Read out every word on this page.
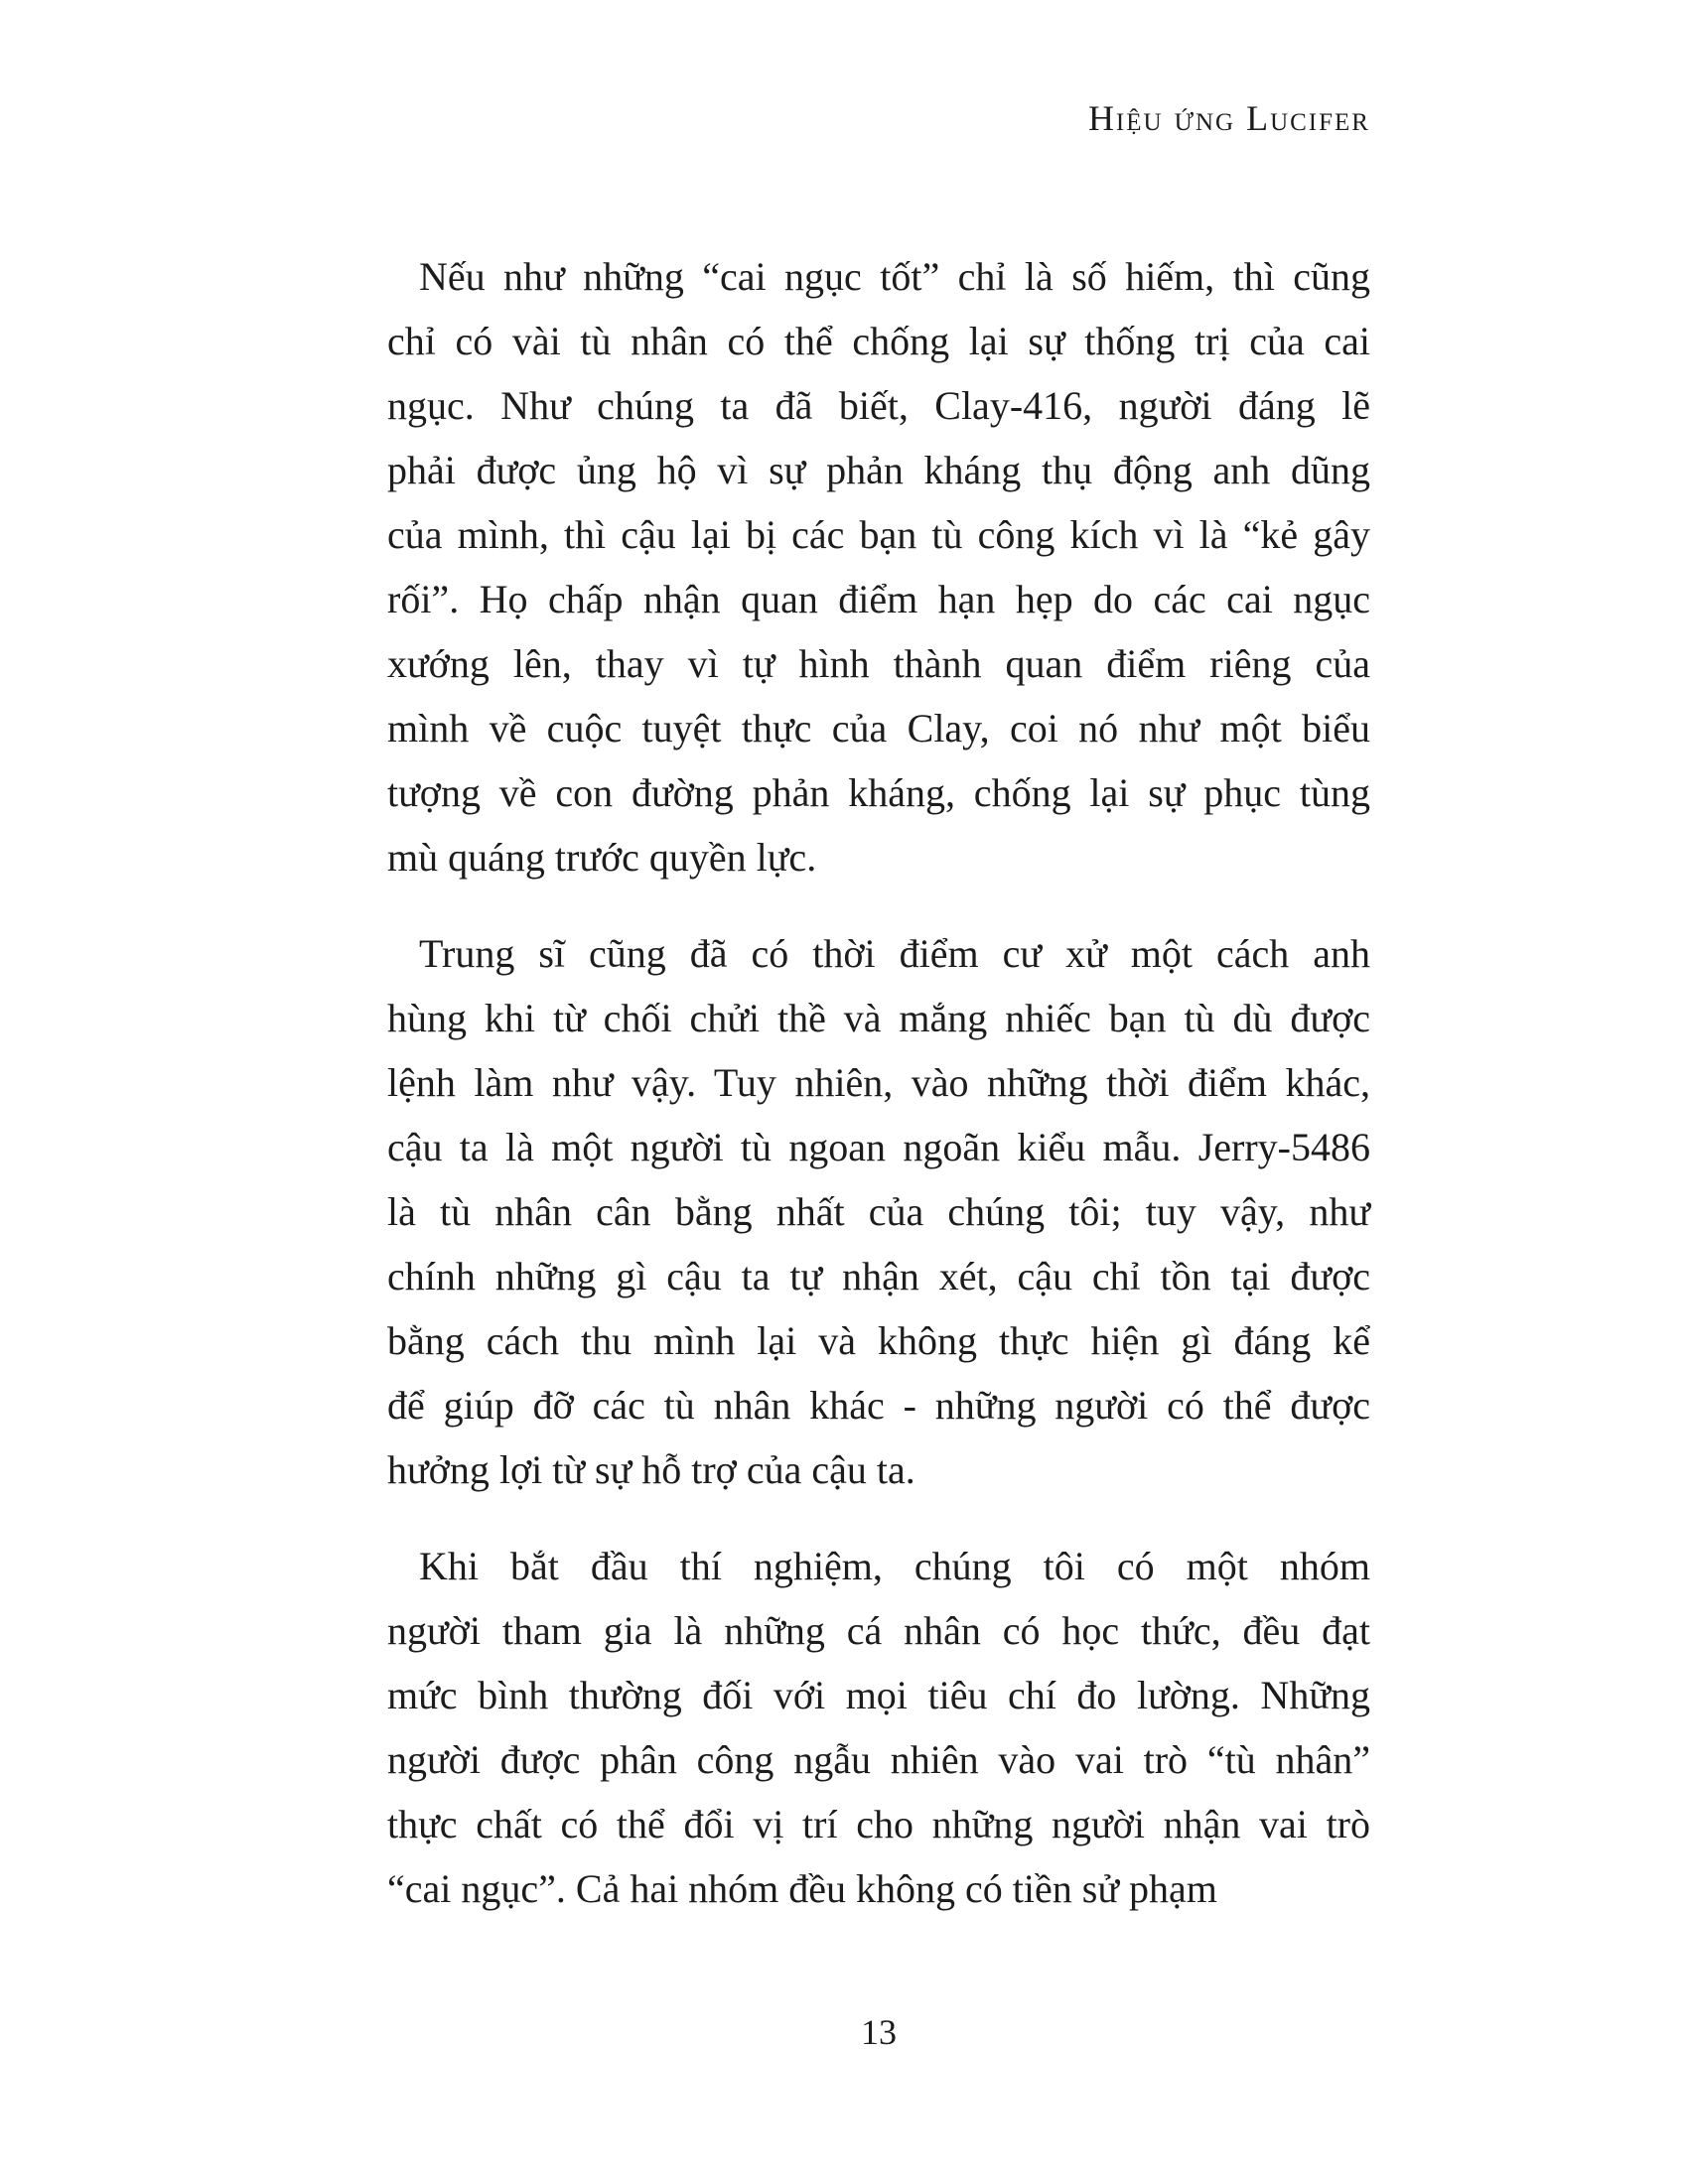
Hiệu ứng Lucifer
Nếu như những “cai ngục tốt” chỉ là số hiếm, thì cũng
chỉ có vài tù nhân có thể chống lại sự thống trị của cai
ngục. Như chúng ta đã biết, Clay-416, người đáng lẽ
phải được ủng hộ vì sự phản kháng thụ động anh dũng
của mình, thì cậu lại bị các bạn tù công kích vì là “kẻ gây
rối”. Họ chấp nhận quan điểm hạn hẹp do các cai ngục
xướng lên, thay vì tự hình thành quan điểm riêng của
mình về cuộc tuyệt thực của Clay, coi nó như một biểu
tượng về con đường phản kháng, chống lại sự phục tùng
mù quáng trước quyền lực.
Trung sĩ cũng đã có thời điểm cư xử một cách anh
hùng khi từ chối chửi thề và mắng nhiếc bạn tù dù được
lệnh làm như vậy. Tuy nhiên, vào những thời điểm khác,
cậu ta là một người tù ngoan ngoãn kiểu mẫu. Jerry-5486
là tù nhân cân bằng nhất của chúng tôi; tuy vậy, như
chính những gì cậu ta tự nhận xét, cậu chỉ tồn tại được
bằng cách thu mình lại và không thực hiện gì đáng kể
để giúp đỡ các tù nhân khác - những người có thể được
hưởng lợi từ sự hỗ trợ của cậu ta.
Khi bắt đầu thí nghiệm, chúng tôi có một nhóm
người tham gia là những cá nhân có học thức, đều đạt
mức bình thường đối với mọi tiêu chí đo lường. Những
người được phân công ngẫu nhiên vào vai trò “tù nhân”
thực chất có thể đổi vị trí cho những người nhận vai trò
“cai ngục”. Cả hai nhóm đều không có tiền sử phạm
13
